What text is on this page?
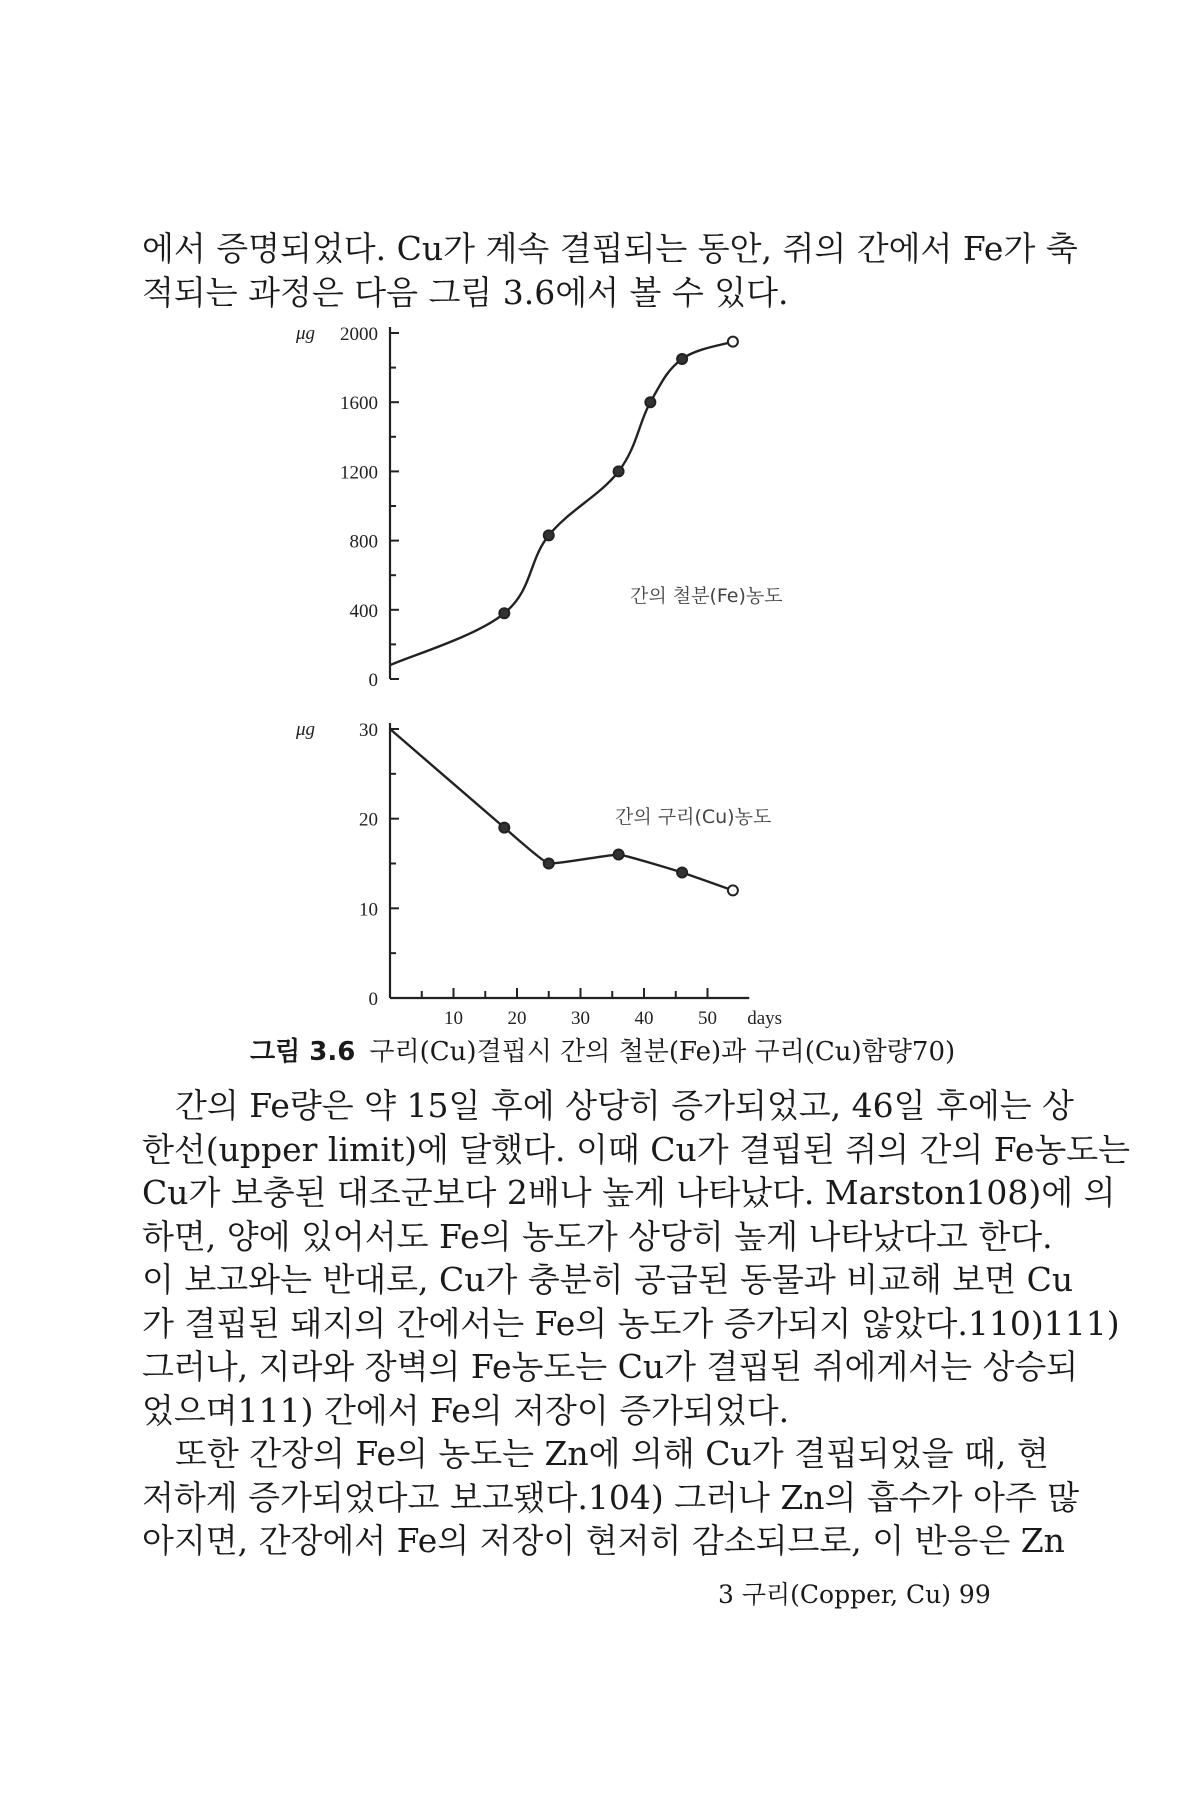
에서 증명되었다. Cu가 계속 결핍되는 동안, 쥐의 간에서 Fe가 축
적되는 과정은 다음 그림 3.6에서 볼 수 있다.
0
400
800
1200
1600
2000
μg
간의 철분(Fe)농도
0
10
20
30
10 20 30 40 50
μg
days
간의 구리(Cu)농도
그림 3.6 구리(Cu)결핍시 간의 철분(Fe)과 구리(Cu)함량70)
간의 Fe량은 약 15일 후에 상당히 증가되었고, 46일 후에는 상
한선(upper limit)에 달했다. 이때 Cu가 결핍된 쥐의 간의 Fe농도는
Cu가 보충된 대조군보다 2배나 높게 나타났다. Marston108)에 의
하면, 양에 있어서도 Fe의 농도가 상당히 높게 나타났다고 한다.
이 보고와는 반대로, Cu가 충분히 공급된 동물과 비교해 보면 Cu
가 결핍된 돼지의 간에서는 Fe의 농도가 증가되지 않았다.110)111)
그러나, 지라와 장벽의 Fe농도는 Cu가 결핍된 쥐에게서는 상승되
었으며111) 간에서 Fe의 저장이 증가되었다.
또한 간장의 Fe의 농도는 Zn에 의해 Cu가 결핍되었을 때, 현
저하게 증가되었다고 보고됐다.104) 그러나 Zn의 흡수가 아주 많
아지면, 간장에서 Fe의 저장이 현저히 감소되므로, 이 반응은 Zn
3 구리(Copper, Cu) 99
